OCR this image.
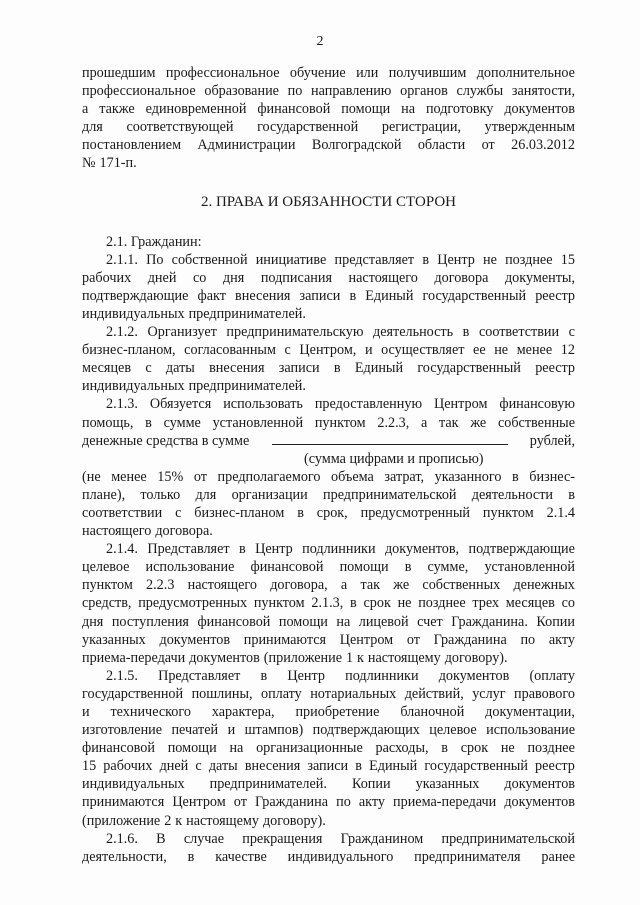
2
прошедшим профессиональное обучение или получившим дополнительное
профессиональное образование по направлению органов службы занятости,
а также единовременной финансовой помощи на подготовку документов
для соответствующей государственной регистрации, утвержденным
постановлением Администрации Волгоградской области от 26.03.2012
№ 171-п.
2. ПРАВА И ОБЯЗАННОСТИ СТОРОН
2.1. Гражданин:
2.1.1. По собственной инициативе представляет в Центр не позднее 15
рабочих дней со дня подписания настоящего договора документы,
подтверждающие факт внесения записи в Единый государственный реестр
индивидуальных предпринимателей.
2.1.2. Организует предпринимательскую деятельность в соответствии с
бизнес-планом, согласованным с Центром, и осуществляет ее не менее 12
месяцев с даты внесения записи в Единый государственный реестр
индивидуальных предпринимателей.
2.1.3. Обязуется использовать предоставленную Центром финансовую
помощь, в сумме установленной пунктом 2.2.3, а так же собственные
денежные средства в сумме	рублей,
(сумма цифрами и прописью)
(не менее 15% от предполагаемого объема затрат, указанного в бизнес-
плане), только для организации предпринимательской деятельности в
соответствии с бизнес-планом в срок, предусмотренный пунктом 2.1.4
настоящего договора.
2.1.4. Представляет в Центр подлинники документов, подтверждающие
целевое использование финансовой помощи в сумме, установленной
пунктом 2.2.3 настоящего договора, а так же собственных денежных
средств, предусмотренных пунктом 2.1.3, в срок не позднее трех месяцев со
дня поступления финансовой помощи на лицевой счет Гражданина. Копии
указанных документов принимаются Центром от Гражданина по акту
приема-передачи документов (приложение 1 к настоящему договору).
2.1.5. Представляет в Центр подлинники документов (оплату
государственной пошлины, оплату нотариальных действий, услуг правового
и технического характера, приобретение бланочной документации,
изготовление печатей и штампов) подтверждающих целевое использование
финансовой помощи на организационные расходы, в срок не позднее
15 рабочих дней с даты внесения записи в Единый государственный реестр
индивидуальных предпринимателей. Копии указанных документов
принимаются Центром от Гражданина по акту приема-передачи документов
(приложение 2 к настоящему договору).
2.1.6. В случае прекращения Гражданином предпринимательской
деятельности, в качестве индивидуального предпринимателя ранее
